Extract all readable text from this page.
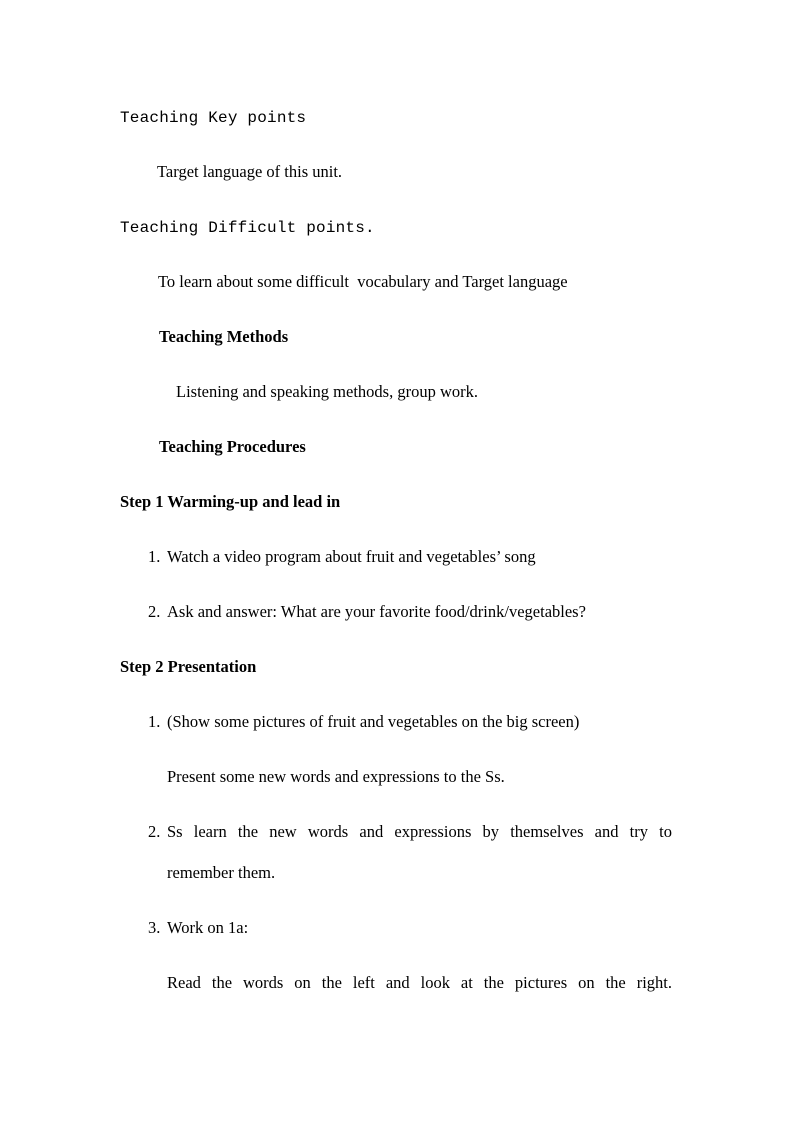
Teaching Key points
Target language of this unit.
Teaching Difficult points.
To learn about some difficult  vocabulary and Target language
Teaching Methods
Listening and speaking methods, group work.
Teaching Procedures
Step 1 Warming-up and lead in
1. Watch a video program about fruit and vegetables’ song
2. Ask and answer: What are your favorite food/drink/vegetables?
Step 2 Presentation
1. (Show some pictures of fruit and vegetables on the big screen)
Present some new words and expressions to the Ss.
2. Ss learn the new words and expressions by themselves and try to
remember them.
3. Work on 1a:
Read the words on the left and look at the pictures on the right.
